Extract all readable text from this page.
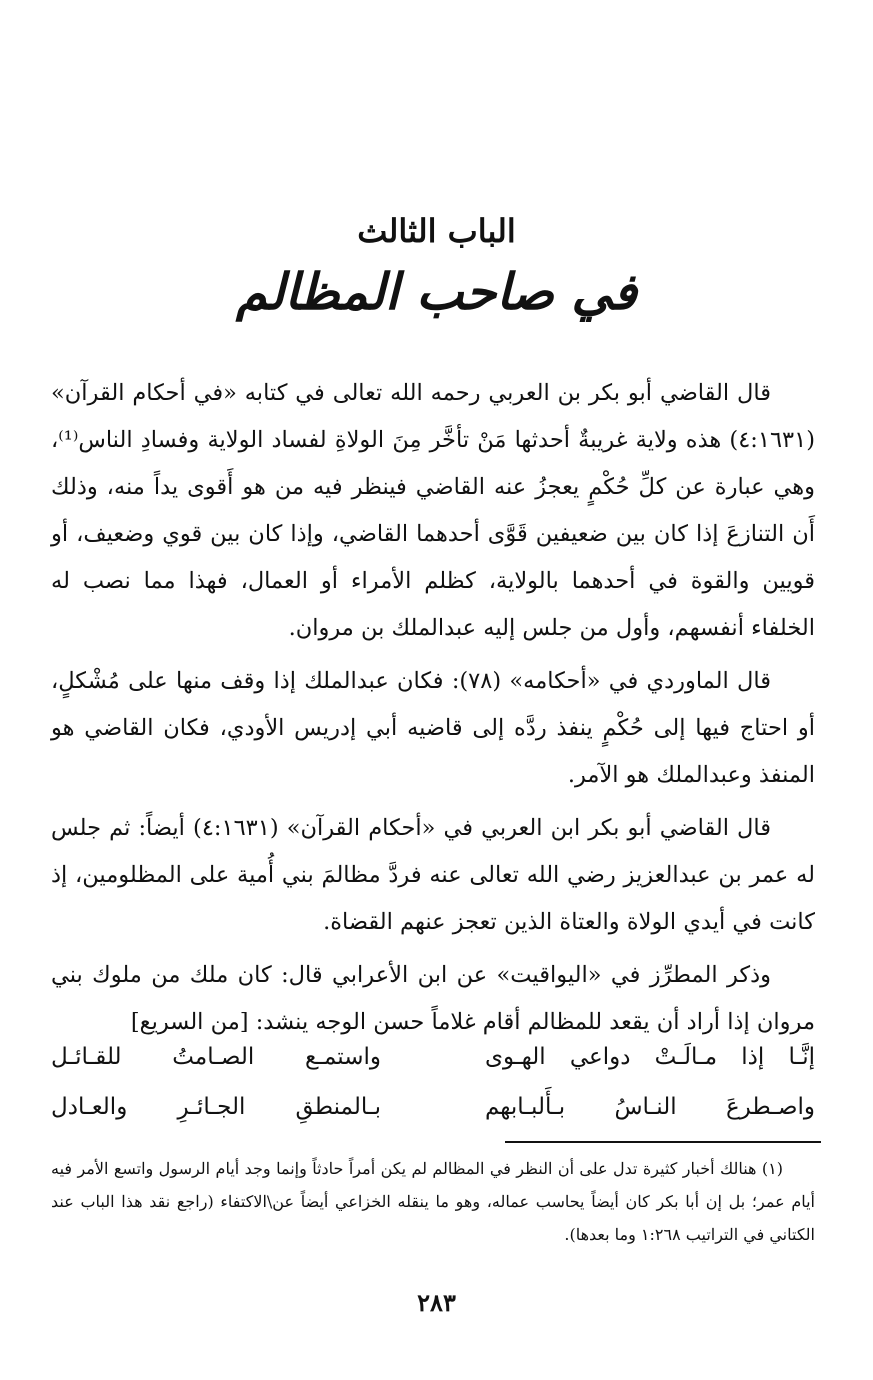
الباب الثالث
في صاحب المظالم

قال القاضي أبو بكر بن العربي رحمه الله تعالى في كتابه «في أحكام القرآن» (٤:١٦٣١) هذه ولاية غريبةٌ أحدثها مَنْ تأخَّر مِنَ الولاةِ لفساد الولاية وفسادِ الناس⁽¹⁾، وهي عبارة عن كلِّ حُكْمٍ يعجزُ عنه القاضي فينظر فيه من هو أَقوى يداً منه، وذلك أَن التنازعَ إذا كان بين ضعيفين قَوَّى أحدهما القاضي، وإذا كان بين قوي وضعيف، أو قويين والقوة في أحدهما بالولاية، كظلم الأمراء أو العمال، فهذا مما نصب له الخلفاء أنفسهم، وأول من جلس إليه عبدالملك بن مروان.

قال الماوردي في «أحكامه» (٧٨): فكان عبدالملك إذا وقف منها على مُشْكلٍ، أو احتاج فيها إلى حُكْمٍ ينفذ ردَّه إلى قاضيه أبي إدريس الأودي، فكان القاضي هو المنفذ وعبدالملك هو الآمر.

قال القاضي أبو بكر ابن العربي في «أحكام القرآن» (٤:١٦٣١) أيضاً: ثم جلس له عمر بن عبدالعزيز رضي الله تعالى عنه فردَّ مظالمَ بني أُمية على المظلومين، إذ كانت في أيدي الولاة والعتاة الذين تعجز عنهم القضاة.

وذكر المطرِّز في «اليواقيت» عن ابن الأعرابي قال: كان ملك من ملوك بني مروان إذا أراد أن يقعد للمظالم أقام غلاماً حسن الوجه ينشد: [من السريع]

إنَّـا إذا مـالَـتْ دواعي الهـوى
واستمـع الصـامتُ للقـائـل
واصـطرعَ النـاسُ بـأَلبـابهم
بـالمنطقِ الجـائـرِ والعـادل
(١) هنالك أخبار كثيرة تدل على أن النظر في المظالم لم يكن أمراً حادثاً وإنما وجد أيام الرسول واتسع الأمر فيه أيام عمر؛ بل إن أبا بكر كان أيضاً يحاسب عماله، وهو ما ينقله الخزاعي أيضاً عن\الاكتفاء (راجع نقد هذا الباب عند الكتاني في التراتيب ١:٢٦٨ وما بعدها).
٢٨٣
